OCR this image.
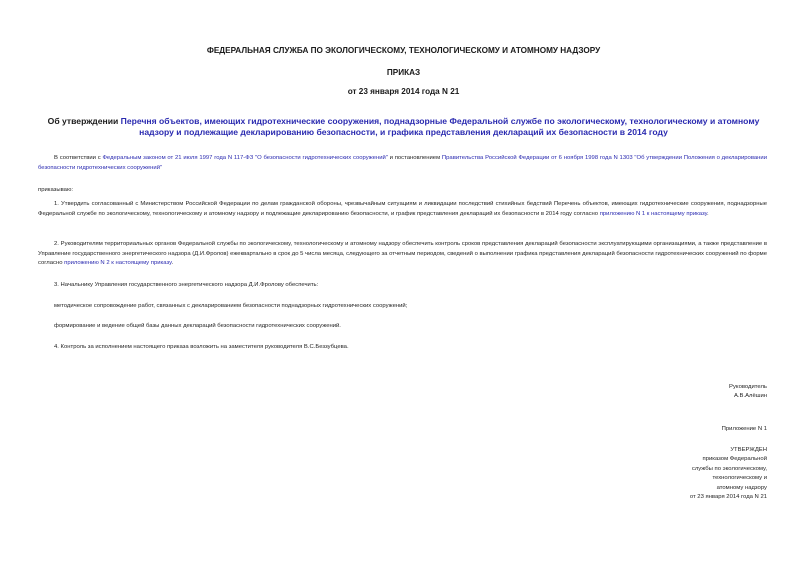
ФЕДЕРАЛЬНАЯ СЛУЖБА ПО ЭКОЛОГИЧЕСКОМУ, ТЕХНОЛОГИЧЕСКОМУ И АТОМНОМУ НАДЗОРУ
ПРИКАЗ
от 23 января 2014 года N 21
Об утверждении Перечня объектов, имеющих гидротехнические сооружения, поднадзорные Федеральной службе по экологическому, технологическому и атомному надзору и подлежащие декларированию безопасности, и графика представления деклараций их безопасности в 2014 году
В соответствии с Федеральным законом от 21 июля 1997 года N 117-ФЗ "О безопасности гидротехнических сооружений" и постановлением Правительства Российской Федерации от 6 ноября 1998 года N 1303 "Об утверждении Положения о декларировании безопасности гидротехнических сооружений"
приказываю:
1. Утвердить согласованный с Министерством Российской Федерации по делам гражданской обороны, чрезвычайным ситуациям и ликвидации последствий стихийных бедствий Перечень объектов, имеющих гидротехнические сооружения, поднадзорные Федеральной службе по экологическому, технологическому и атомному надзору и подлежащие декларированию безопасности, и график представления деклараций их безопасности в 2014 году согласно приложению N 1 к настоящему приказу.
2. Руководителям территориальных органов Федеральной службы по экологическому, технологическому и атомному надзору обеспечить контроль сроков представления деклараций безопасности эксплуатирующими организациями, а также представление в Управление государственного энергетического надзора (Д.И.Фролов) ежеквартально в срок до 5 числа месяца, следующего за отчетным периодом, сведений о выполнении графика представления деклараций безопасности гидротехнических сооружений по форме согласно приложению N 2 к настоящему приказу.
3. Начальнику Управления государственного энергетического надзора Д.И.Фролову обеспечить:
методическое сопровождение работ, связанных с декларированием безопасности поднадзорных гидротехнических сооружений;
формирование и ведение общей базы данных деклараций безопасности гидротехнических сооружений.
4. Контроль за исполнением настоящего приказа возложить на заместителя руководителя В.С.Беззубцева.
Руководитель
А.В.Алёшин
Приложение N 1
УТВЕРЖДЕН
приказом Федеральной
службы по экологическому,
технологическому и
атомному надзору
от 23 января 2014 года N 21
